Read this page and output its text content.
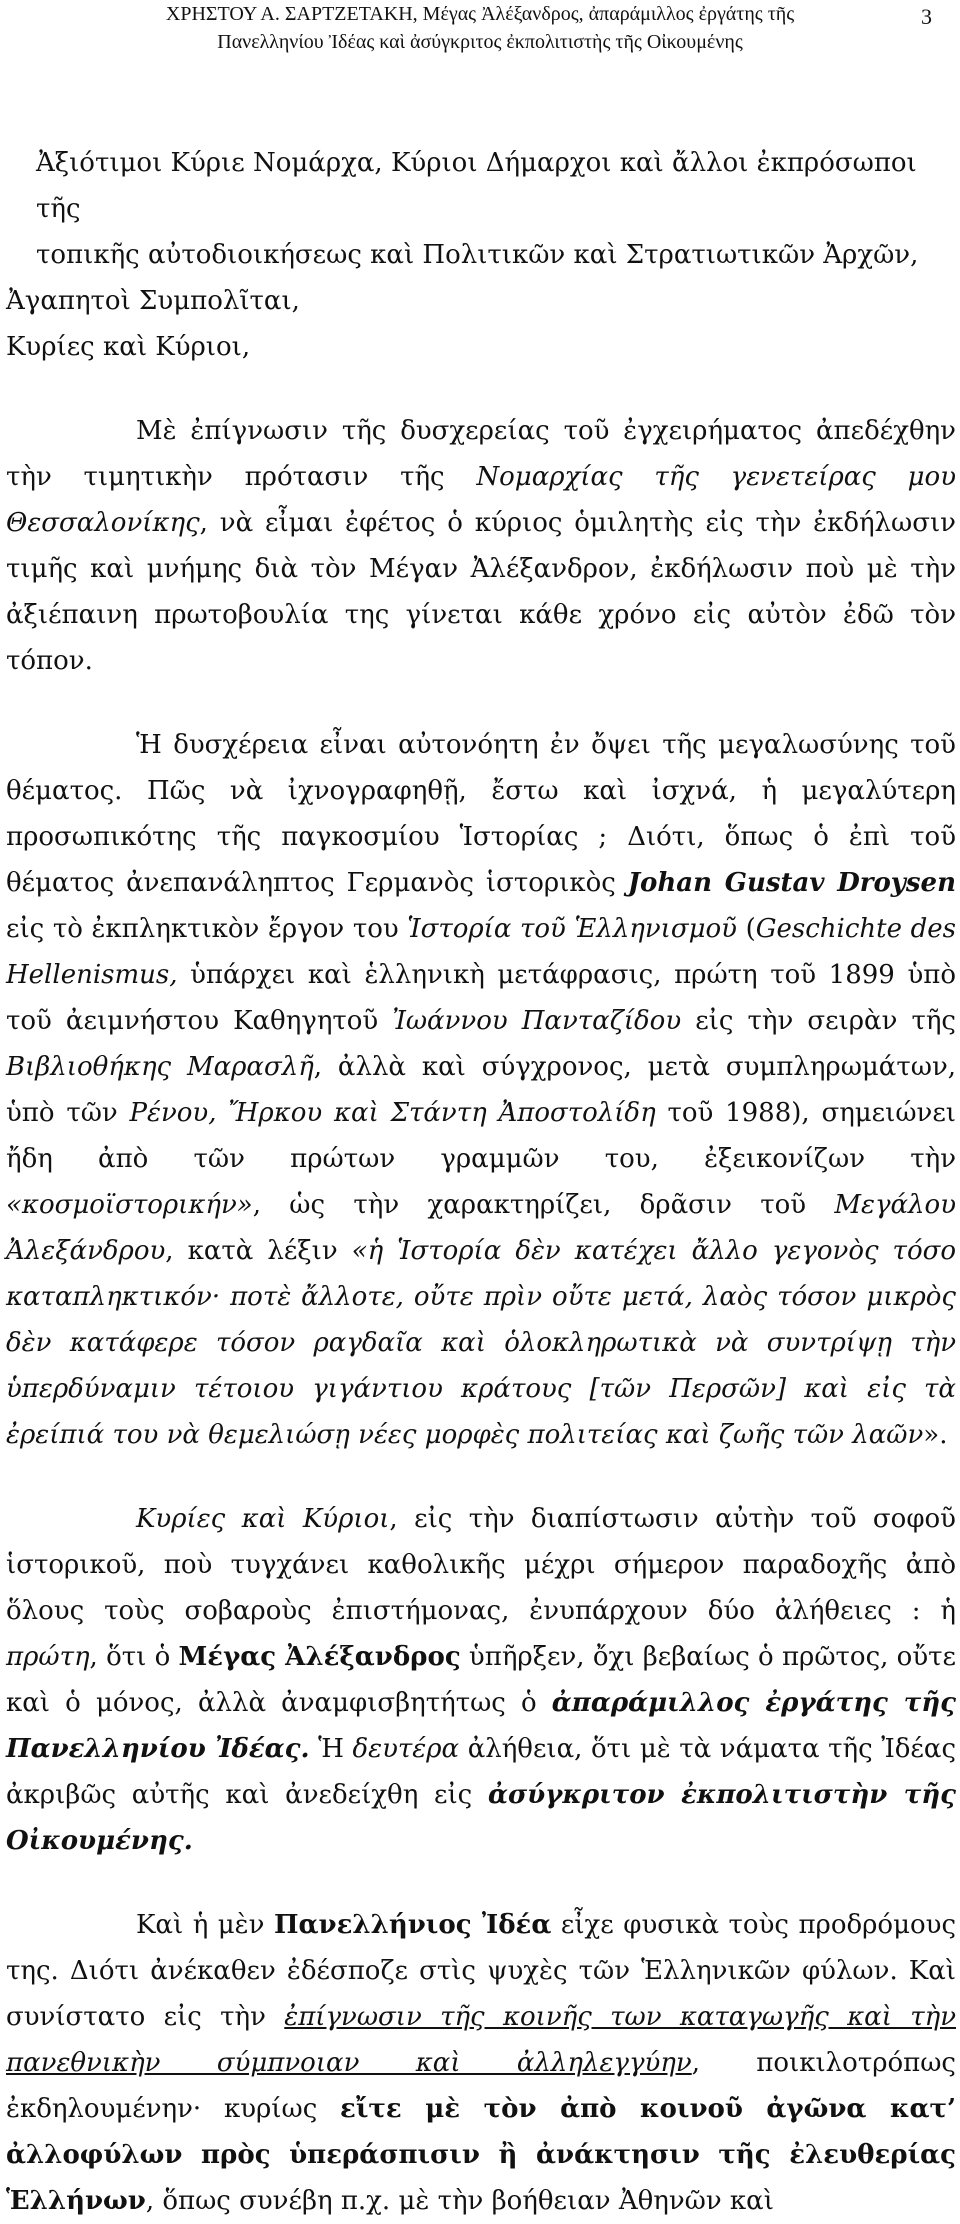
ΧΡΗΣΤΟΥ Α. ΣΑΡΤΖΕΤΑΚΗ, Μέγας Ἀλέξανδρος, ἀπαράμιλλος ἐργάτης τῆς
Πανελληνίου Ἰδέας καὶ ἀσύγκριτος ἐκπολιτιστὴς τῆς Οἰκουμένης
3

Ἀξιότιμοι Κύριε Νομάρχα, Κύριοι Δήμαρχοι καὶ ἄλλοι ἐκπρόσωποι τῆς

τοπικῆς αὐτοδιοικήσεως καὶ Πολιτικῶν καὶ Στρατιωτικῶν Ἀρχῶν,

Ἀγαπητοὶ Συμπολῖται,

Κυρίες καὶ Κύριοι,

Μὲ ἐπίγνωσιν τῆς δυσχερείας τοῦ ἐγχειρήματος ἀπεδέχθην τὴν τιμητικὴν πρότασιν τῆς Νομαρχίας τῆς γενετείρας μου Θεσσαλονίκης, νὰ εἶμαι ἐφέτος ὁ κύριος ὁμιλητὴς εἰς τὴν ἐκδήλωσιν τιμῆς καὶ μνήμης διὰ τὸν Μέγαν Ἀλέξανδρον, ἐκδήλωσιν ποὺ μὲ τὴν ἀξιέπαινη πρωτοβουλία της γίνεται κάθε χρόνο εἰς αὐτὸν ἐδῶ τὸν τόπον.

Ἡ δυσχέρεια εἶναι αὐτονόητη ἐν ὄψει τῆς μεγαλωσύνης τοῦ θέματος. Πῶς νὰ ἰχνογραφηθῇ, ἔστω καὶ ἰσχνά, ἡ μεγαλύτερη προσωπικότης τῆς παγκοσμίου Ἱστορίας ; Διότι, ὅπως ὁ ἐπὶ τοῦ θέματος ἀνεπανάληπτος Γερμανὸς ἱστορικὸς Johan Gustav Droysen εἰς τὸ ἐκπληκτικὸν ἔργον του Ἱστορία τοῦ Ἑλληνισμοῦ (Geschichte des Hellenismus, ὑπάρχει καὶ ἑλληνικὴ μετάφρασις, πρώτη τοῦ 1899 ὑπὸ τοῦ ἀειμνήστου Καθηγητοῦ Ἰωάννου Πανταζίδου εἰς τὴν σειρὰν τῆς Βιβλιοθήκης Μαρασλῆ, ἀλλὰ καὶ σύγχρονος, μετὰ συμπληρωμάτων, ὑπὸ τῶν Ρένου, Ἤρκου καὶ Στάντη Ἀποστολίδη τοῦ 1988), σημειώνει ἤδη ἀπὸ τῶν πρώτων γραμμῶν του, ἐξεικονίζων τὴν «κοσμοϊστορικήν», ὡς τὴν χαρακτηρίζει, δρᾶσιν τοῦ Μεγάλου Ἀλεξάνδρου, κατὰ λέξιν «ἡ Ἱστορία δὲν κατέχει ἄλλο γεγονὸς τόσο καταπληκτικόν· ποτὲ ἄλλοτε, οὔτε πρὶν οὔτε μετά, λαὸς τόσον μικρὸς δὲν κατάφερε τόσον ραγδαῖα καὶ ὁλοκληρωτικὰ νὰ συντρίψῃ τὴν ὑπερδύναμιν τέτοιου γιγάντιου κράτους [τῶν Περσῶν] καὶ εἰς τὰ ἐρείπιά του νὰ θεμελιώσῃ νέες μορφὲς πολιτείας καὶ ζωῆς τῶν λαῶν».

Κυρίες καὶ Κύριοι, εἰς τὴν διαπίστωσιν αὐτὴν τοῦ σοφοῦ ἱστορικοῦ, ποὺ τυγχάνει καθολικῆς μέχρι σήμερον παραδοχῆς ἀπὸ ὅλους τοὺς σοβαροὺς ἐπιστήμονας, ἐνυπάρχουν δύο ἀλήθειες : ἡ πρώτη, ὅτι ὁ Μέγας Ἀλέξανδρος ὑπῆρξεν, ὄχι βεβαίως ὁ πρῶτος, οὔτε καὶ ὁ μόνος, ἀλλὰ ἀναμφισβητήτως ὁ ἀπαράμιλλος ἐργάτης τῆς Πανελληνίου Ἰδέας. Ἡ δευτέρα ἀλήθεια, ὅτι μὲ τὰ νάματα τῆς Ἰδέας ἀκριβῶς αὐτῆς καὶ ἀνεδείχθη εἰς ἀσύγκριτον ἐκπολιτιστὴν τῆς Οἰκουμένης.

Καὶ ἡ μὲν Πανελλήνιος Ἰδέα εἶχε φυσικὰ τοὺς προδρόμους της. Διότι ἀνέκαθεν ἐδέσποζε στὶς ψυχὲς τῶν Ἑλληνικῶν φύλων. Καὶ συνίστατο εἰς τὴν ἐπίγνωσιν τῆς κοινῆς των καταγωγῆς καὶ τὴν πανεθνικὴν σύμπνοιαν καὶ ἀλληλεγγύην, ποικιλοτρόπως ἐκδηλουμένην· κυρίως εἴτε μὲ τὸν ἀπὸ κοινοῦ ἀγῶνα κατ’ ἀλλοφύλων πρὸς ὑπεράσπισιν ἢ ἀνάκτησιν τῆς ἐλευθερίας Ἑλλήνων, ὅπως συνέβη π.χ. μὲ τὴν βοήθειαν Ἀθηνῶν καὶ
